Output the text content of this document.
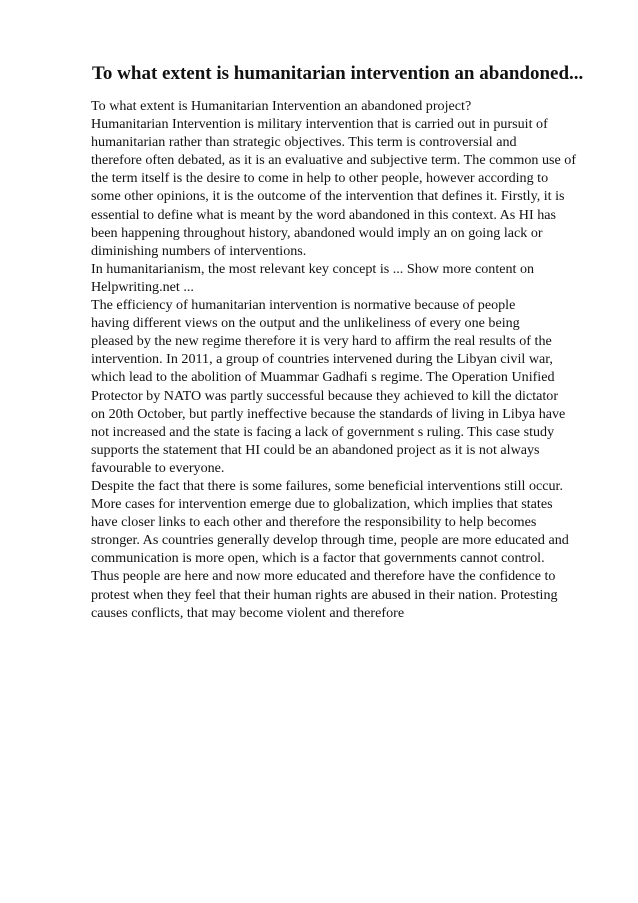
To what extent is humanitarian intervention an abandoned...
To what extent is Humanitarian Intervention an abandoned project?
Humanitarian Intervention is military intervention that is carried out in pursuit of
humanitarian rather than strategic objectives. This term is controversial and
therefore often debated, as it is an evaluative and subjective term. The common use of
the term itself is the desire to come in help to other people, however according to
some other opinions, it is the outcome of the intervention that defines it. Firstly, it is
essential to define what is meant by the word abandoned in this context. As HI has
been happening throughout history, abandoned would imply an on going lack or
diminishing numbers of interventions.
In humanitarianism, the most relevant key concept is ... Show more content on
Helpwriting.net ...
The efficiency of humanitarian intervention is normative because of people
having different views on the output and the unlikeliness of every one being
pleased by the new regime therefore it is very hard to affirm the real results of the
intervention. In 2011, a group of countries intervened during the Libyan civil war,
which lead to the abolition of Muammar Gadhafi s regime. The Operation Unified
Protector by NATO was partly successful because they achieved to kill the dictator
on 20th October, but partly ineffective because the standards of living in Libya have
not increased and the state is facing a lack of government s ruling. This case study
supports the statement that HI could be an abandoned project as it is not always
favourable to everyone.
Despite the fact that there is some failures, some beneficial interventions still occur.
More cases for intervention emerge due to globalization, which implies that states
have closer links to each other and therefore the responsibility to help becomes
stronger. As countries generally develop through time, people are more educated and
communication is more open, which is a factor that governments cannot control.
Thus people are here and now more educated and therefore have the confidence to
protest when they feel that their human rights are abused in their nation. Protesting
causes conflicts, that may become violent and therefore
